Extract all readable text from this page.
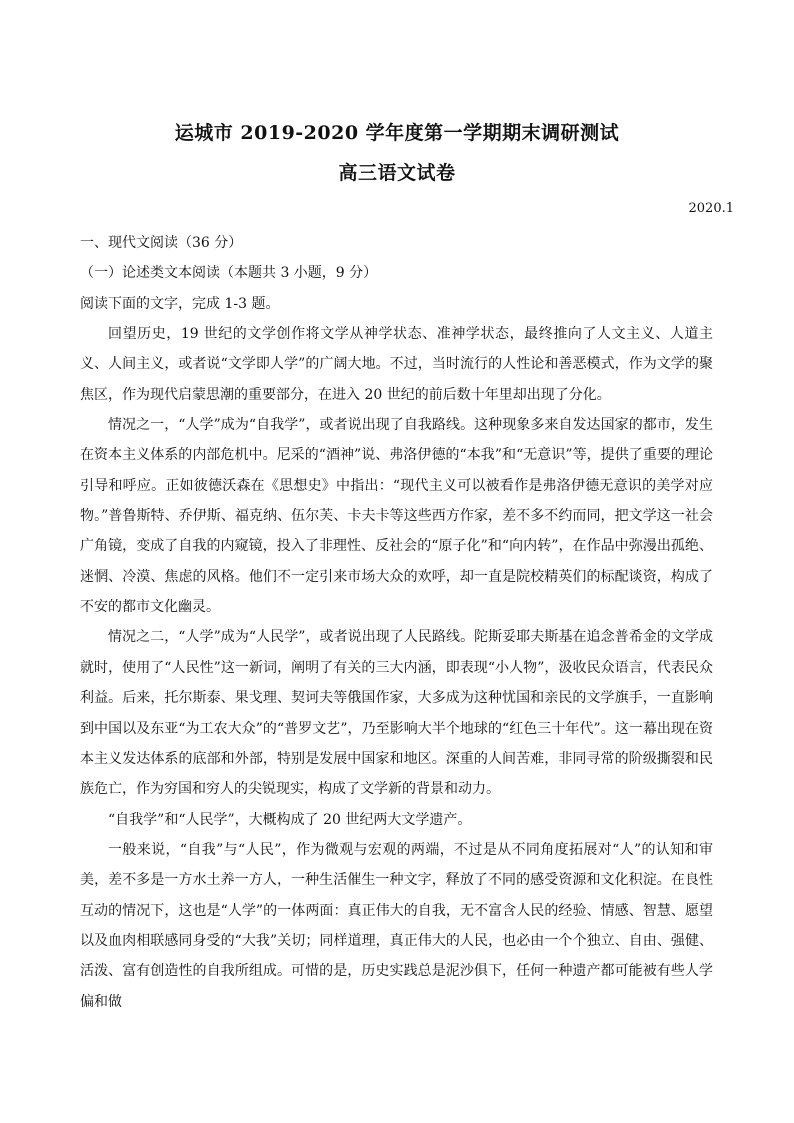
运城市 2019-2020 学年度第一学期期末调研测试
高三语文试卷
2020.1

一、现代文阅读（36 分）

（一）论述类文本阅读（本题共 3 小题，9 分）

阅读下面的文字，完成 1-3 题。

回望历史，19 世纪的文学创作将文学从神学状态、准神学状态，最终推向了人文主义、人道主义、人间主义，或者说“文学即人学”的广阔大地。不过，当时流行的人性论和善恶模式，作为文学的聚焦区，作为现代启蒙思潮的重要部分，在进入 20 世纪的前后数十年里却出现了分化。

情况之一，“人学”成为“自我学”，或者说出现了自我路线。这种现象多来自发达国家的都市，发生在资本主义体系的内部危机中。尼采的“酒神”说、弗洛伊德的“本我”和“无意识”等，提供了重要的理论引导和呼应。正如彼德沃森在《思想史》中指出：“现代主义可以被看作是弗洛伊德无意识的美学对应物。”普鲁斯特、乔伊斯、福克纳、伍尔芙、卡夫卡等这些西方作家，差不多不约而同，把文学这一社会广角镜，变成了自我的内窥镜，投入了非理性、反社会的“原子化”和“向内转”，在作品中弥漫出孤绝、迷惘、冷漠、焦虑的风格。他们不一定引来市场大众的欢呼，却一直是院校精英们的标配谈资，构成了不安的都市文化幽灵。

情况之二，“人学”成为“人民学”，或者说出现了人民路线。陀斯妥耶夫斯基在追念普希金的文学成就时，使用了“人民性”这一新词，阐明了有关的三大内涵，即表现“小人物”，汲收民众语言，代表民众利益。后来，托尔斯泰、果戈理、契诃夫等俄国作家，大多成为这种忧国和亲民的文学旗手，一直影响到中国以及东亚“为工农大众”的“普罗文艺”，乃至影响大半个地球的“红色三十年代”。这一幕出现在资本主义发达体系的底部和外部，特别是发展中国家和地区。深重的人间苦难，非同寻常的阶级撕裂和民族危亡，作为穷国和穷人的尖锐现实，构成了文学新的背景和动力。

“自我学”和“人民学”，大概构成了 20 世纪两大文学遗产。

一般来说，“自我”与“人民”，作为微观与宏观的两端，不过是从不同角度拓展对“人”的认知和审美，差不多是一方水土养一方人，一种生活催生一种文字，释放了不同的感受资源和文化积淀。在良性互动的情况下，这也是“人学”的一体两面：真正伟大的自我，无不富含人民的经验、情感、智慧、愿望以及血肉相联感同身受的“大我”关切；同样道理，真正伟大的人民，也必由一个个独立、自由、强健、活泼、富有创造性的自我所组成。可惜的是，历史实践总是泥沙俱下，任何一种遗产都可能被有些人学偏和做
